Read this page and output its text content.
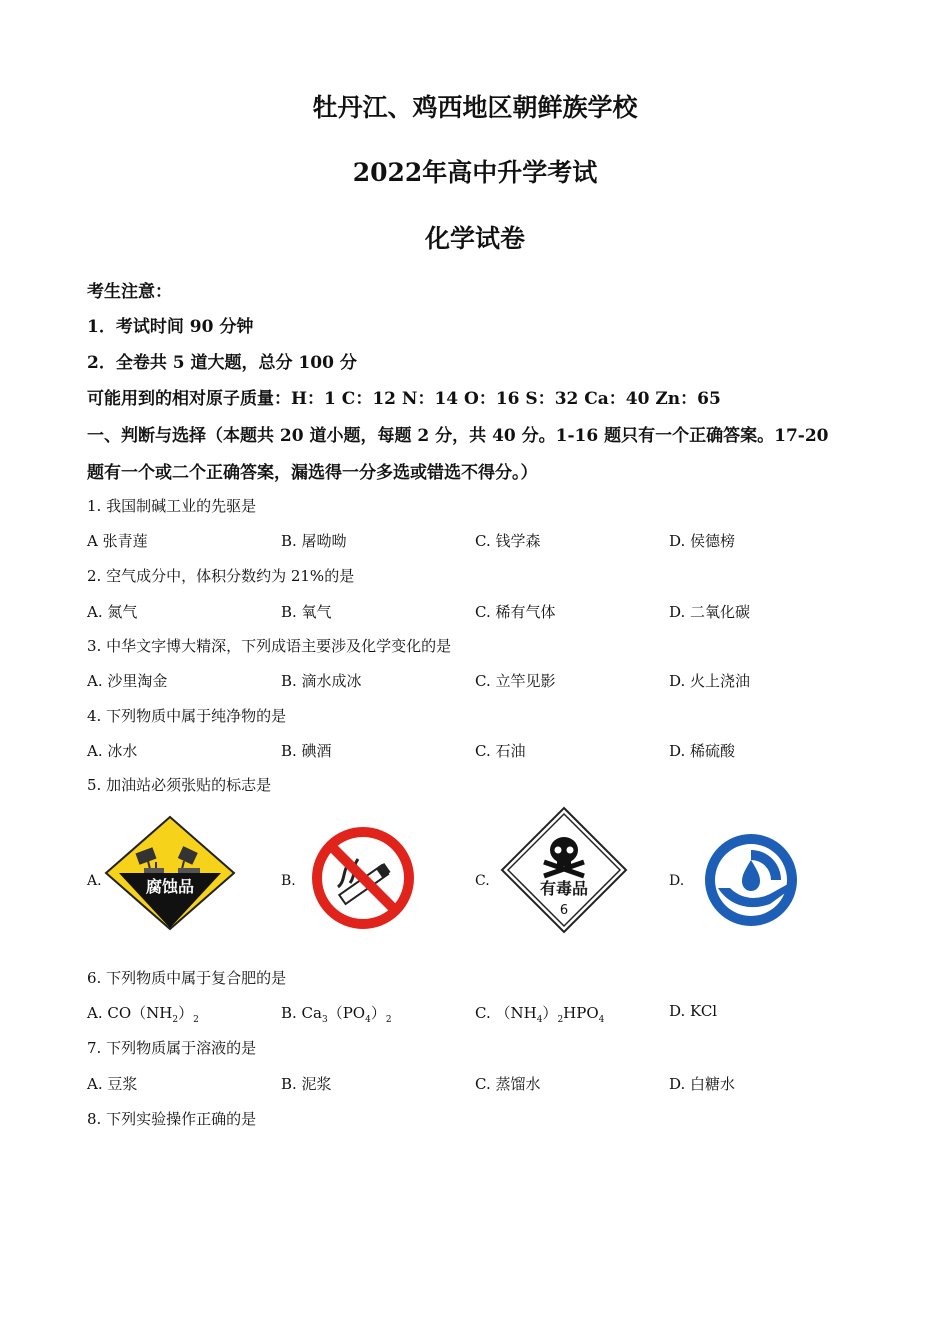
牡丹江、鸡西地区朝鲜族学校
2022年高中升学考试
化学试卷
考生注意：
1．考试时间 90 分钟
2．全卷共 5 道大题，总分 100 分
可能用到的相对原子质量：H：1 C：12 N：14 O：16 S：32 Ca：40 Zn：65
一、判断与选择（本题共 20 道小题，每题 2 分，共 40 分。1-16 题只有一个正确答案。17-20
题有一个或二个正确答案，漏选得一分多选或错选不得分。）
1. 我国制碱工业的先驱是
A 张青莲	B. 屠呦呦	C. 钱学森	D. 侯德榜
2. 空气成分中，体积分数约为 21%的是
A. 氮气	B. 氧气	C. 稀有气体	D. 二氧化碳
3. 中华文字博大精深，下列成语主要涉及化学变化的是
A. 沙里淘金	B. 滴水成冰	C. 立竿见影	D. 火上浇油
4. 下列物质中属于纯净物的是
A. 冰水	B. 碘酒	C. 石油	D. 稀硫酸
5. 加油站必须张贴的标志是
A.	B.	C.	D.
腐蚀品	有毒品
6
6. 下列物质中属于复合肥的是
A. $CO(NH_2)_2$	B. $Ca_3(PO_4)_2$	C. $(NH_4)_2HPO_4$	D. KCl
7. 下列物质属于溶液的是
A. 豆浆	B. 泥浆	C. 蒸馏水	D. 白糖水
8. 下列实验操作正确的是
